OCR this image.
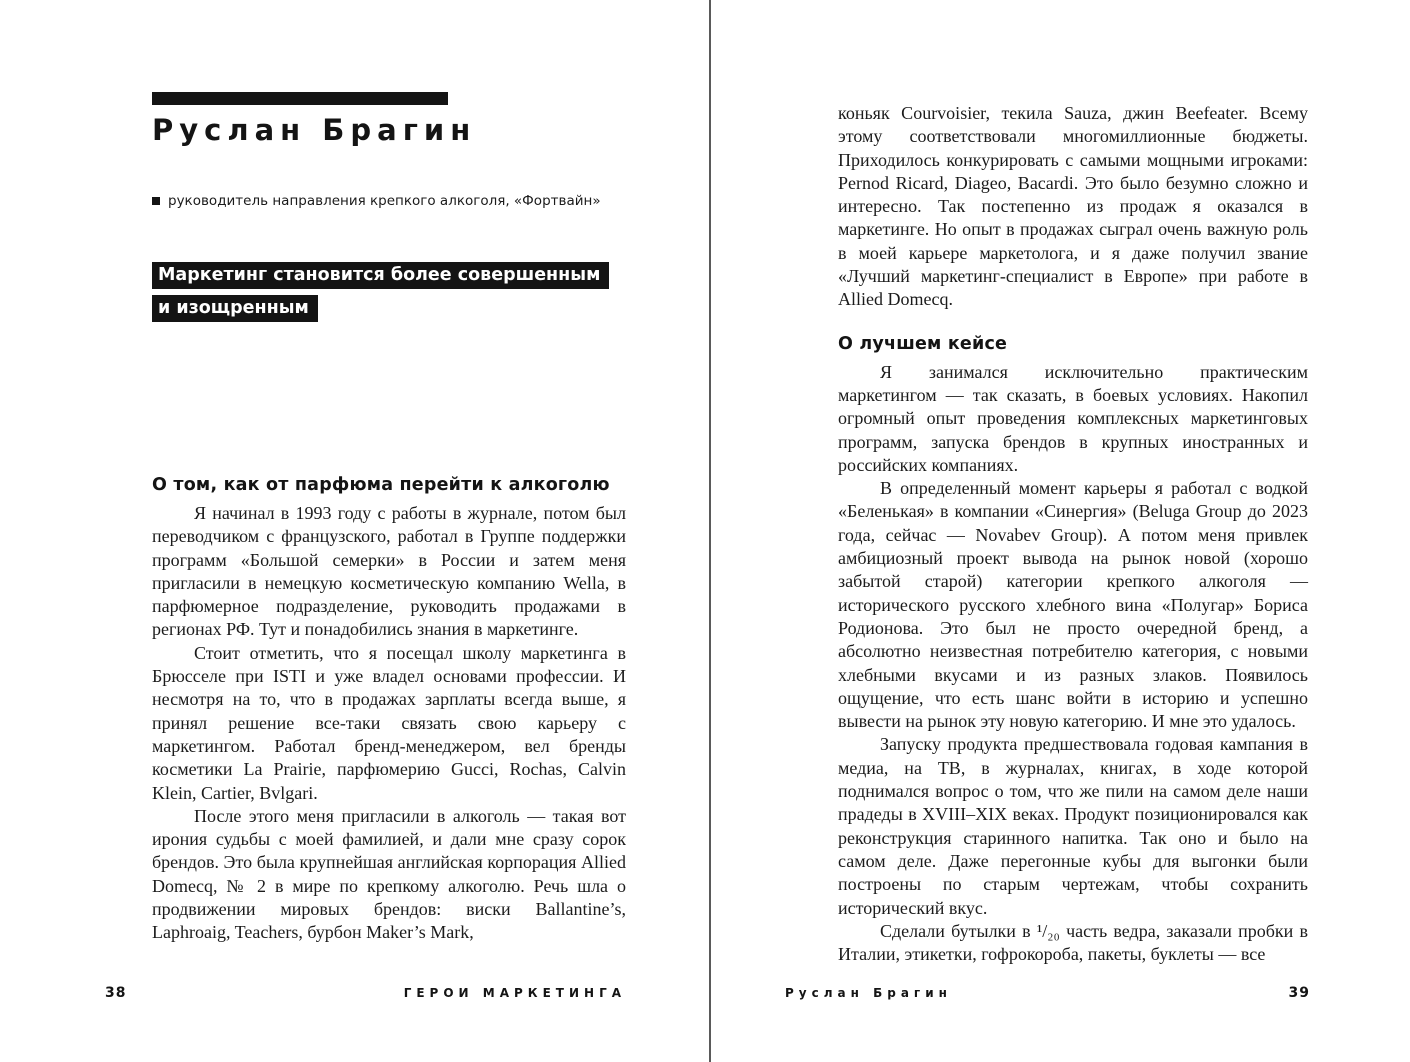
Руслан Брагин
руководитель направления крепкого алкоголя, «Фортвайн»
Маркетинг становится более совершенным
и изощренным
О том, как от парфюма перейти к алкоголю

Я начинал в 1993 году с работы в журнале, потом был переводчиком с французского, работал в Группе поддержки программ «Большой семерки» в России и затем меня пригласили в немецкую косметическую компанию Wella, в парфюмерное подразделение, руководить продажами в регионах РФ. Тут и понадобились знания в маркетинге.

Стоит отметить, что я посещал школу маркетинга в Брюсселе при ISTI и уже владел основами профессии. И несмотря на то, что в продажах зарплаты всегда выше, я принял решение все-таки связать свою карьеру с маркетингом. Работал бренд-менеджером, вел бренды косметики La Prairie, парфюмерию Gucci, Rochas, Calvin Klein, Cartier, Bvlgari.

После этого меня пригласили в алкоголь — такая вот ирония судьбы с моей фамилией, и дали мне сразу сорок брендов. Это была крупнейшая английская корпорация Allied Domecq, № 2 в мире по крепкому алкоголю. Речь шла о продвижении мировых брендов: виски Ballantine’s, Laphroaig, Teachers, бурбон Maker’s Mark,

коньяк Courvoisier, текила Sauza, джин Beefeater. Всему этому соответствовали многомиллионные бюджеты. Приходилось конкурировать с самыми мощными игроками: Pernod Ricard, Diageo, Bacardi. Это было безумно сложно и интересно. Так постепенно из продаж я оказался в маркетинге. Но опыт в продажах сыграл очень важную роль в моей карьере маркетолога, и я даже получил звание «Лучший маркетинг-специалист в Европе» при работе в Allied Domecq.

О лучшем кейсе

Я занимался исключительно практическим маркетингом — так сказать, в боевых условиях. Накопил огромный опыт проведения комплексных маркетинговых программ, запуска брендов в крупных иностранных и российских компаниях.

В определенный момент карьеры я работал с водкой «Беленькая» в компании «Синергия» (Beluga Group до 2023 года, сейчас — Novabev Group). А потом меня привлек амбициозный проект вывода на рынок новой (хорошо забытой старой) категории крепкого алкоголя — исторического русского хлебного вина «Полугар» Бориса Родионова. Это был не просто очередной бренд, а абсолютно неизвестная потребителю категория, с новыми хлебными вкусами и из разных злаков. Появилось ощущение, что есть шанс войти в историю и успешно вывести на рынок эту новую категорию. И мне это удалось.

Запуску продукта предшествовала годовая кампания в медиа, на ТВ, в журналах, книгах, в ходе которой поднимался вопрос о том, что же пили на самом деле наши прадеды в XVIII–XIX веках. Продукт позиционировался как реконструкция старинного напитка. Так оно и было на самом деле. Даже перегонные кубы для выгонки были построены по старым чертежам, чтобы сохранить исторический вкус.

Сделали бутылки в ¹/₂₀ часть ведра, заказали пробки в Италии, этикетки, гофрокороба, пакеты, буклеты — все

38	ГЕРОИ МАРКЕТИНГА	Руслан Брагин	39
